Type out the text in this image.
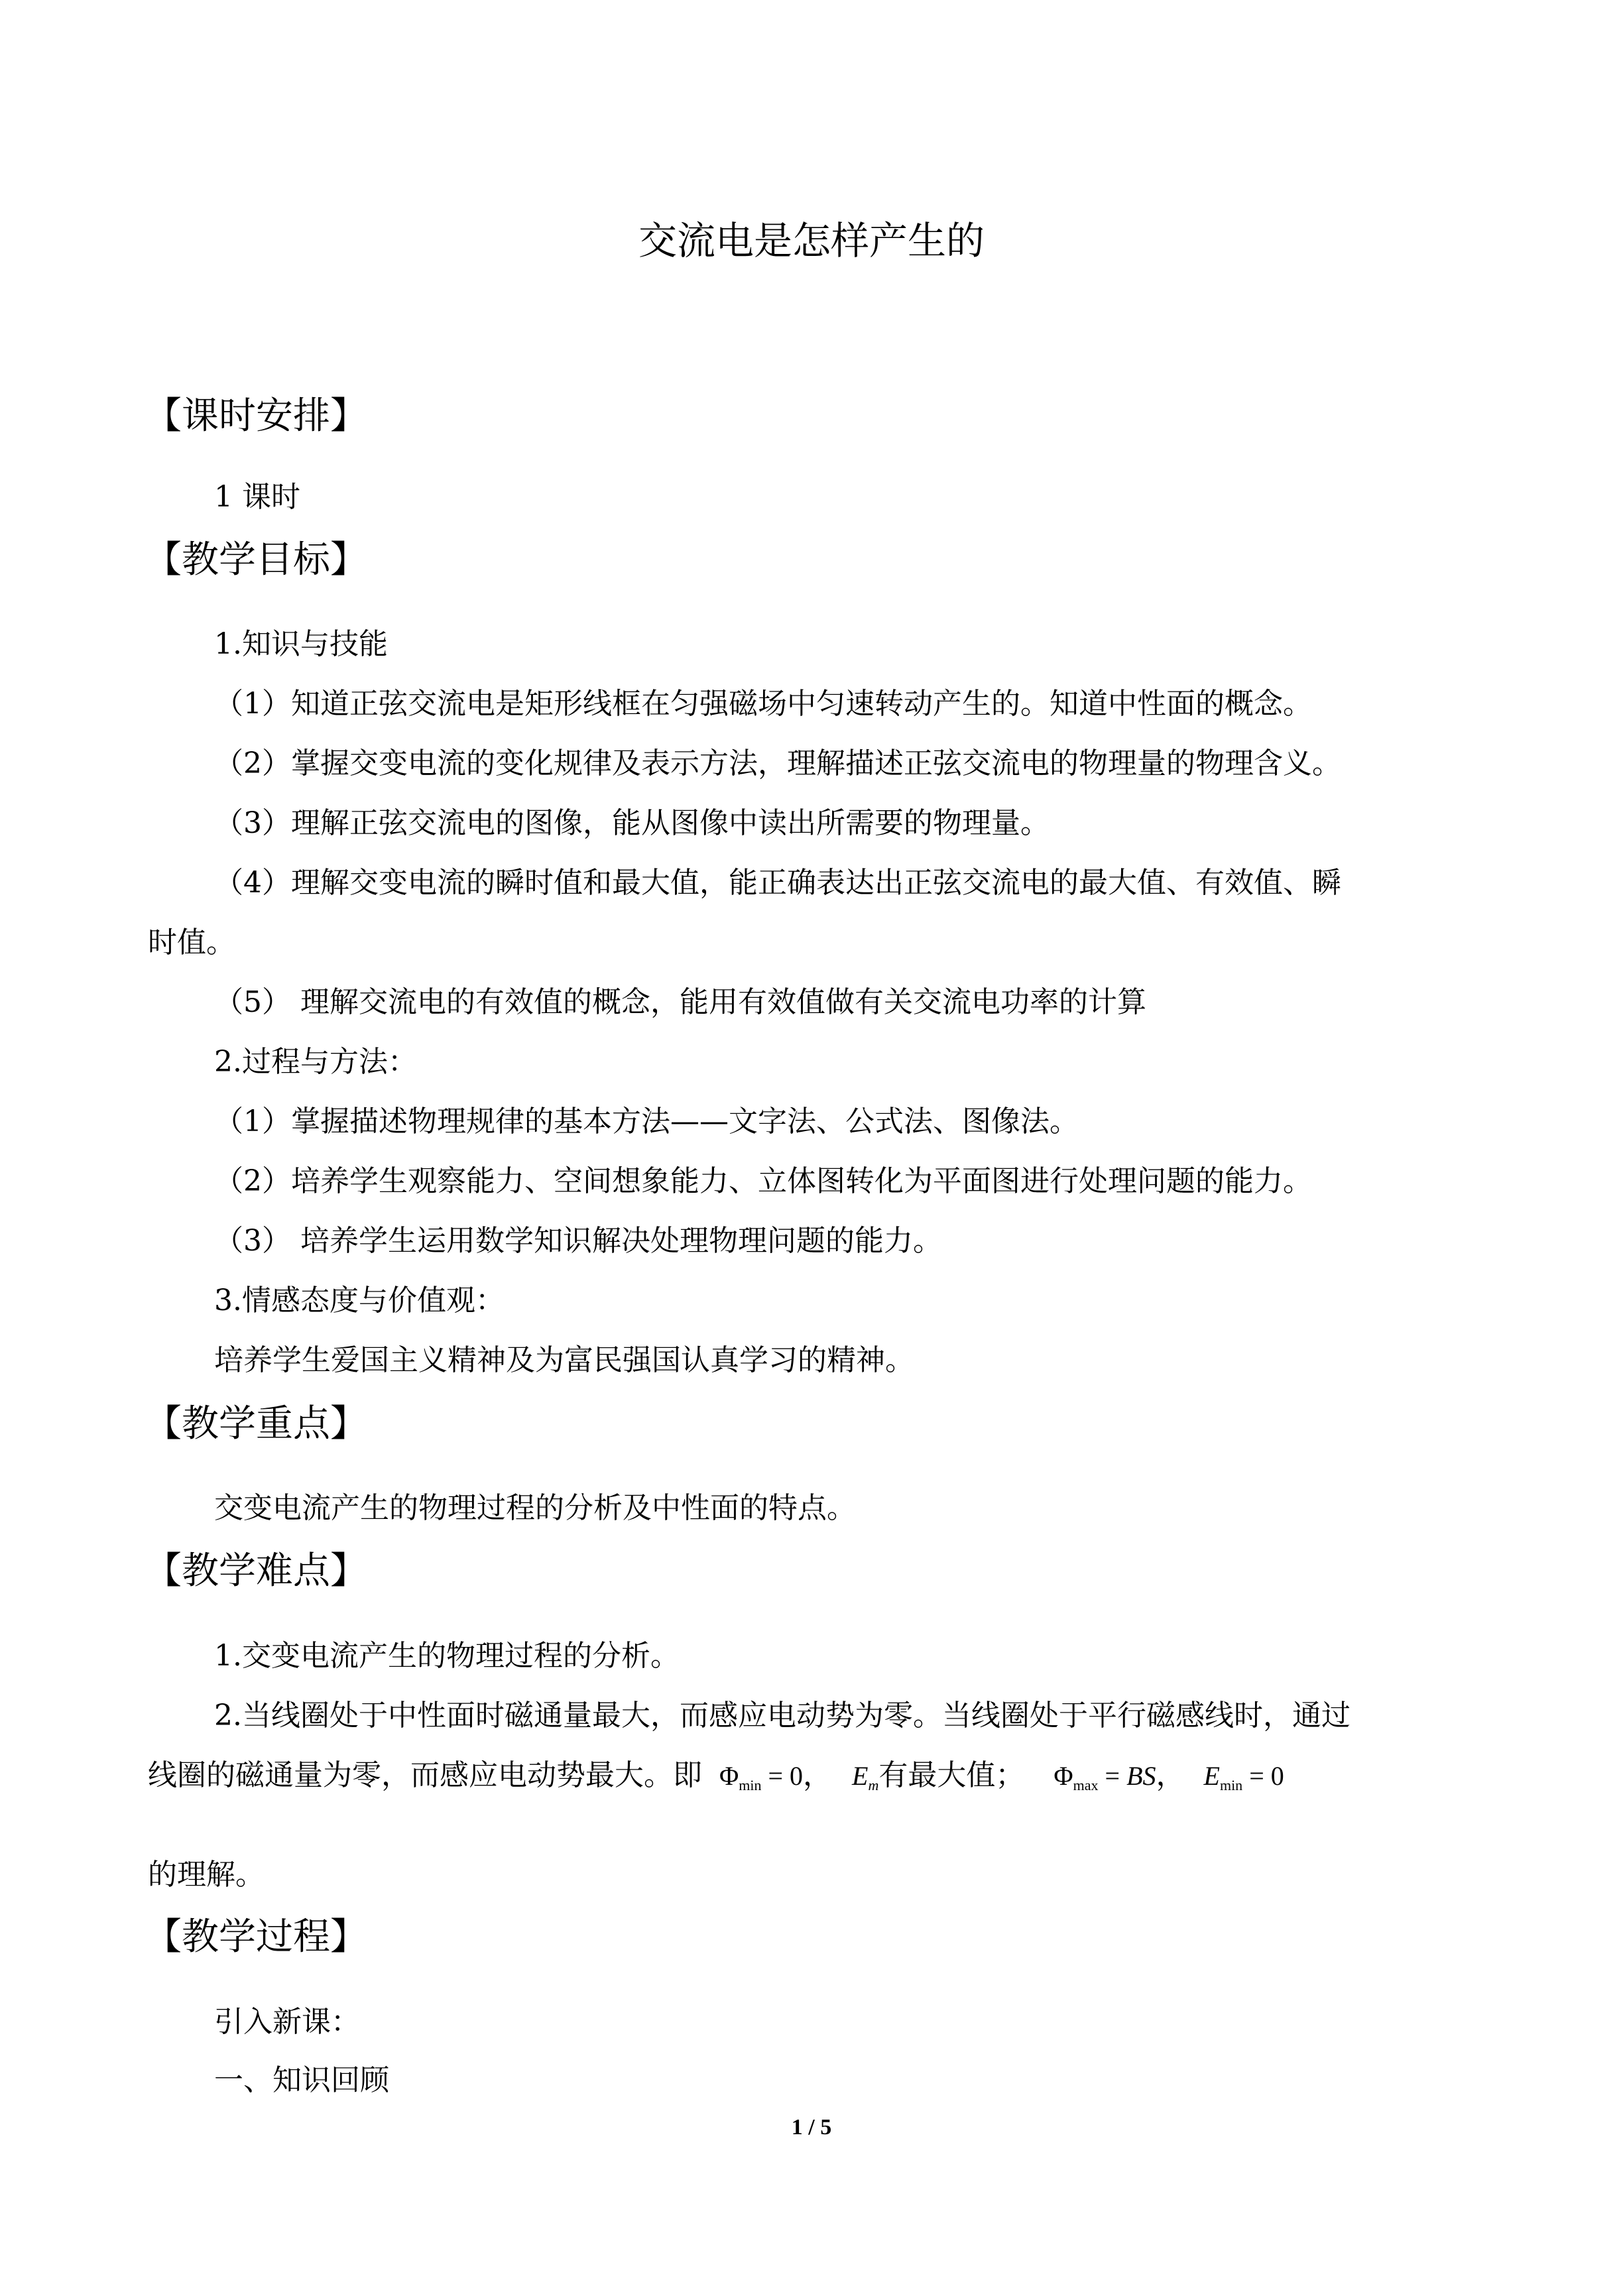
交流电是怎样产生的
【课时安排】
1 课时
【教学目标】
1.知识与技能
（1）知道正弦交流电是矩形线框在匀强磁场中匀速转动产生的。知道中性面的概念。
（2）掌握交变电流的变化规律及表示方法，理解描述正弦交流电的物理量的物理含义。
（3）理解正弦交流电的图像，能从图像中读出所需要的物理量。
（4）理解交变电流的瞬时值和最大值，能正确表达出正弦交流电的最大值、有效值、瞬
时值。
（5） 理解交流电的有效值的概念，能用有效值做有关交流电功率的计算
2.过程与方法：
（1）掌握描述物理规律的基本方法——文字法、公式法、图像法。
（2）培养学生观察能力、空间想象能力、立体图转化为平面图进行处理问题的能力。
（3） 培养学生运用数学知识解决处理物理问题的能力。
3.情感态度与价值观：
培养学生爱国主义精神及为富民强国认真学习的精神。
【教学重点】
交变电流产生的物理过程的分析及中性面的特点。
【教学难点】
1.交变电流产生的物理过程的分析。
2.当线圈处于中性面时磁通量最大，而感应电动势为零。当线圈处于平行磁感线时，通过
线圈的磁通量为零，而感应电动势最大。即 $\Phi_{min} = 0$， $E_m$有最大值； $\Phi_{max}$ = BS， $E_{min} = 0$
的理解。
【教学过程】
引入新课：
一、知识回顾
1 / 5
